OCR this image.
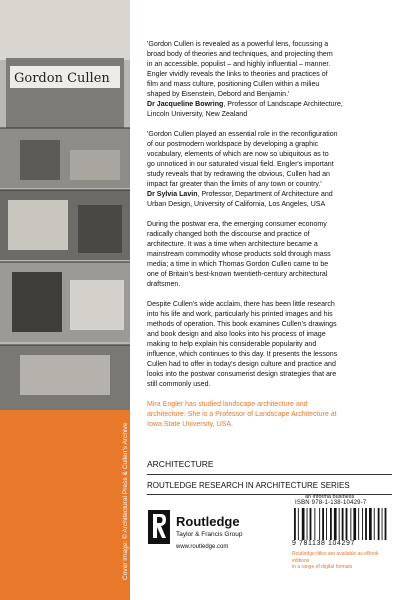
Gordon Cullen
Cover image: © Architectural Press & Cullen's Archive

'Gordon Cullen is revealed as a powerful lens, focussing a

broad body of theories and techniques, and projecting them

in an accessible, populist – and highly influential – manner.

Engler vividly reveals the links to theories and practices of

film and mass culture, positioning Cullen within a milieu

shaped by Eisenstein, Debord and Benjamin.'

Dr Jacqueline Bowring, Professor of Landscape Architecture,

Lincoln University, New Zealand

'Gordon Cullen played an essential role in the reconfiguration

of our postmodern worldspace by developing a graphic

vocabulary, elements of which are now so ubiquitous as to

go unnoticed in our saturated visual field. Engler's important

study reveals that by redrawing the obvious, Cullen had an

impact far greater than the limits of any town or country.'

Dr Sylvia Lavin, Professor, Department of Architecture and

Urban Design, University of California, Los Angeles, USA

During the postwar era, the emerging consumer economy

radically changed both the discourse and practice of

architecture. It was a time when architecture became a

mainstream commodity whose products sold through mass

media; a time in which Thomas Gordon Cullen came to be

one of Britain's best-known twentieth-century architectural

draftsmen.

Despite Cullen's wide acclaim, there has been little research

into his life and work, particularly his printed images and his

methods of operation. This book examines Cullen's drawings

and book design and also looks into his process of image

making to help explain his considerable popularity and

influence, which continues to this day. It presents the lessons

Cullen had to offer in today's design culture and practice and

looks into the postwar consumerist design strategies that are

still commonly used.

Mira Engler has studied landscape architecture and

architecture. She is a Professor of Landscape Architecture at

Iowa State University, USA.

ARCHITECTURE
ROUTLEDGE RESEARCH IN ARCHITECTURE SERIES
Routledge
Taylor & Francis Group
www.routledge.com
an informa business
ISBN 978-1-138-10429-7
9 781138 104297
Routledge titles are available as eBook editions
in a range of digital formats
